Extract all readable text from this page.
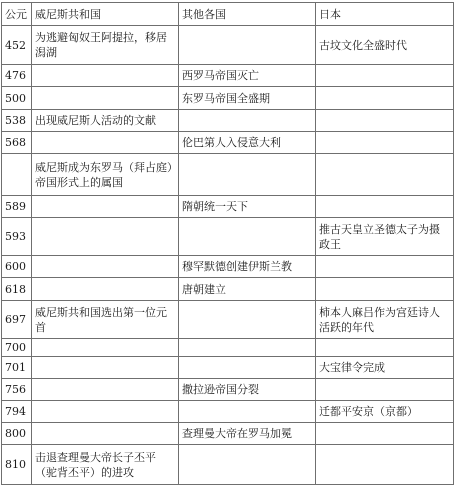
公元	威尼斯共和国	其他各国	日本
452	为逃避匈奴王阿提拉，移居潟湖		古坟文化全盛时代
476		西罗马帝国灭亡	
500		东罗马帝国全盛期	
538	出现威尼斯人活动的文献		
568		伦巴第人入侵意大利	
	威尼斯成为东罗马（拜占庭）帝国形式上的属国		
589		隋朝统一天下	
593			推古天皇立圣德太子为摄政王
600		穆罕默德创建伊斯兰教	
618		唐朝建立	
697	威尼斯共和国选出第一位元首		柿本人麻吕作为宫廷诗人活跃的年代
700			
701			大宝律令完成
756		撒拉逊帝国分裂	
794			迁都平安京（京都）
800		查理曼大帝在罗马加冕	
810	击退查理曼大帝长子丕平（驼背丕平）的进攻		
